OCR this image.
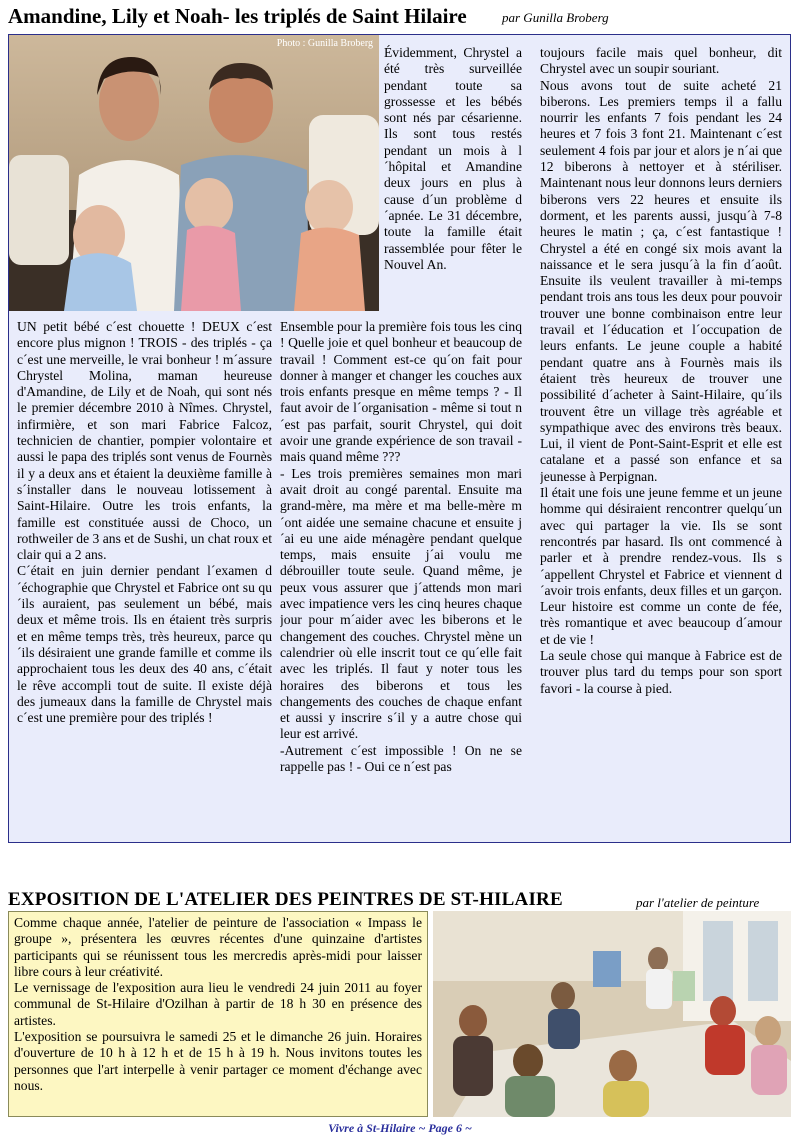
Amandine, Lily et Noah- les triplés de Saint Hilaire	par Gunilla Broberg
Photo : Gunilla Broberg

Évidemment, Chrystel a été très surveillée pendant toute sa grossesse et les bébés sont nés par césarienne. Ils sont tous restés pendant un mois à l´hôpital et Amandine deux jours en plus à cause d´un problème d´apnée. Le 31 décembre, toute la famille était rassemblée pour fêter le Nouvel An.

UN petit bébé c´est chouette ! DEUX c´est encore plus mignon ! TROIS - des triplés - ça c´est une merveille, le vrai bonheur ! m´assure Chrystel Molina, maman heureuse d'Amandine, de Lily et de Noah, qui sont nés le premier décembre 2010 à Nîmes. Chrystel, infirmière, et son mari Fabrice Falcoz, technicien de chantier, pompier volontaire et aussi le papa des triplés sont venus de Fournès il y a deux ans et étaient la deuxième famille à s´installer dans le nouveau lotissement à Saint-Hilaire. Outre les trois enfants, la famille est constituée aussi de Choco, un rothweiler de 3 ans et de Sushi, un chat roux et clair qui a 2 ans.

C´était en juin dernier pendant l´examen d´échographie que Chrystel et Fabrice ont su qu´ils auraient, pas seulement un bébé, mais deux et même trois. Ils en étaient très surpris et en même temps très, très heureux, parce qu´ils désiraient une grande famille et comme ils approchaient tous les deux des 40 ans, c´était le rêve accompli tout de suite. Il existe déjà des jumeaux dans la famille de Chrystel mais c´est une première pour des triplés !

Ensemble pour la première fois tous les cinq ! Quelle joie et quel bonheur et beaucoup de travail ! Comment est-ce qu´on fait pour donner à manger et changer les couches aux trois enfants presque en même temps ? - Il faut avoir de l´organisation - même si tout n´est pas parfait, sourit Chrystel, qui doit avoir une grande expérience de son travail - mais quand même ???

- Les trois premières semaines mon mari avait droit au congé parental. Ensuite ma grand-mère, ma mère et ma belle-mère m´ont aidée une semaine chacune et ensuite j´ai eu une aide ménagère pendant quelque temps, mais ensuite j´ai voulu me débrouiller toute seule. Quand même, je peux vous assurer que j´attends mon mari avec impatience vers les cinq heures chaque jour pour m´aider avec les biberons et le changement des couches. Chrystel mène un calendrier où elle inscrit tout ce qu´elle fait avec les triplés. Il faut y noter tous les horaires des biberons et tous les changements des couches de chaque enfant et aussi y inscrire s´il y a autre chose qui leur est arrivé.

-Autrement c´est impossible ! On ne se rappelle pas ! - Oui ce n´est pas

toujours facile mais quel bonheur, dit Chrystel avec un soupir souriant.

Nous avons tout de suite acheté 21 biberons. Les premiers temps il a fallu nourrir les enfants 7 fois pendant les 24 heures et 7 fois 3 font 21. Maintenant c´est seulement 4 fois par jour et alors je n´ai que 12 biberons à nettoyer et à stériliser. Maintenant nous leur donnons leurs derniers biberons vers 22 heures et ensuite ils dorment, et les parents aussi, jusqu´à 7-8 heures le matin ; ça, c´est fantastique ! Chrystel a été en congé six mois avant la naissance et le sera jusqu´à la fin d´août. Ensuite ils veulent travailler à mi-temps pendant trois ans tous les deux pour pouvoir trouver une bonne combinaison entre leur travail et l´éducation et l´occupation de leurs enfants. Le jeune couple a habité pendant quatre ans à Fournès mais ils étaient très heureux de trouver une possibilité d´acheter à Saint-Hilaire, qu´ils trouvent être un village très agréable et sympathique avec des environs très beaux. Lui, il vient de Pont-Saint-Esprit et elle est catalane et a passé son enfance et sa jeunesse à Perpignan.

Il était une fois une jeune femme et un jeune homme qui désiraient rencontrer quelqu´un avec qui partager la vie. Ils se sont rencontrés par hasard. Ils ont commencé à parler et à prendre rendez-vous. Ils s´appellent Chrystel et Fabrice et viennent d´avoir trois enfants, deux filles et un garçon. Leur histoire est comme un conte de fée, très romantique et avec beaucoup d´amour et de vie !

La seule chose qui manque à Fabrice est de trouver plus tard du temps pour son sport favori - la course à pied.

EXPOSITION DE L'ATELIER DES PEINTRES DE ST-HILAIRE	par l'atelier de peinture

Comme chaque année, l'atelier de peinture de l'association « Impass le groupe », présentera les œuvres récentes d'une quinzaine d'artistes participants qui se réunissent tous les mercredis après-midi pour laisser libre cours à leur créativité.

Le vernissage de l'exposition aura lieu le vendredi 24 juin 2011 au foyer communal de St-Hilaire d'Ozilhan à partir de 18 h 30 en présence des artistes.

L'exposition se poursuivra le samedi 25 et le dimanche 26 juin. Horaires d'ouverture de 10 h à 12 h et de 15 h à 19 h. Nous invitons toutes les personnes que l'art interpelle à venir partager ce moment d'échange avec nous.

Vivre à St-Hilaire ~ Page 6 ~
